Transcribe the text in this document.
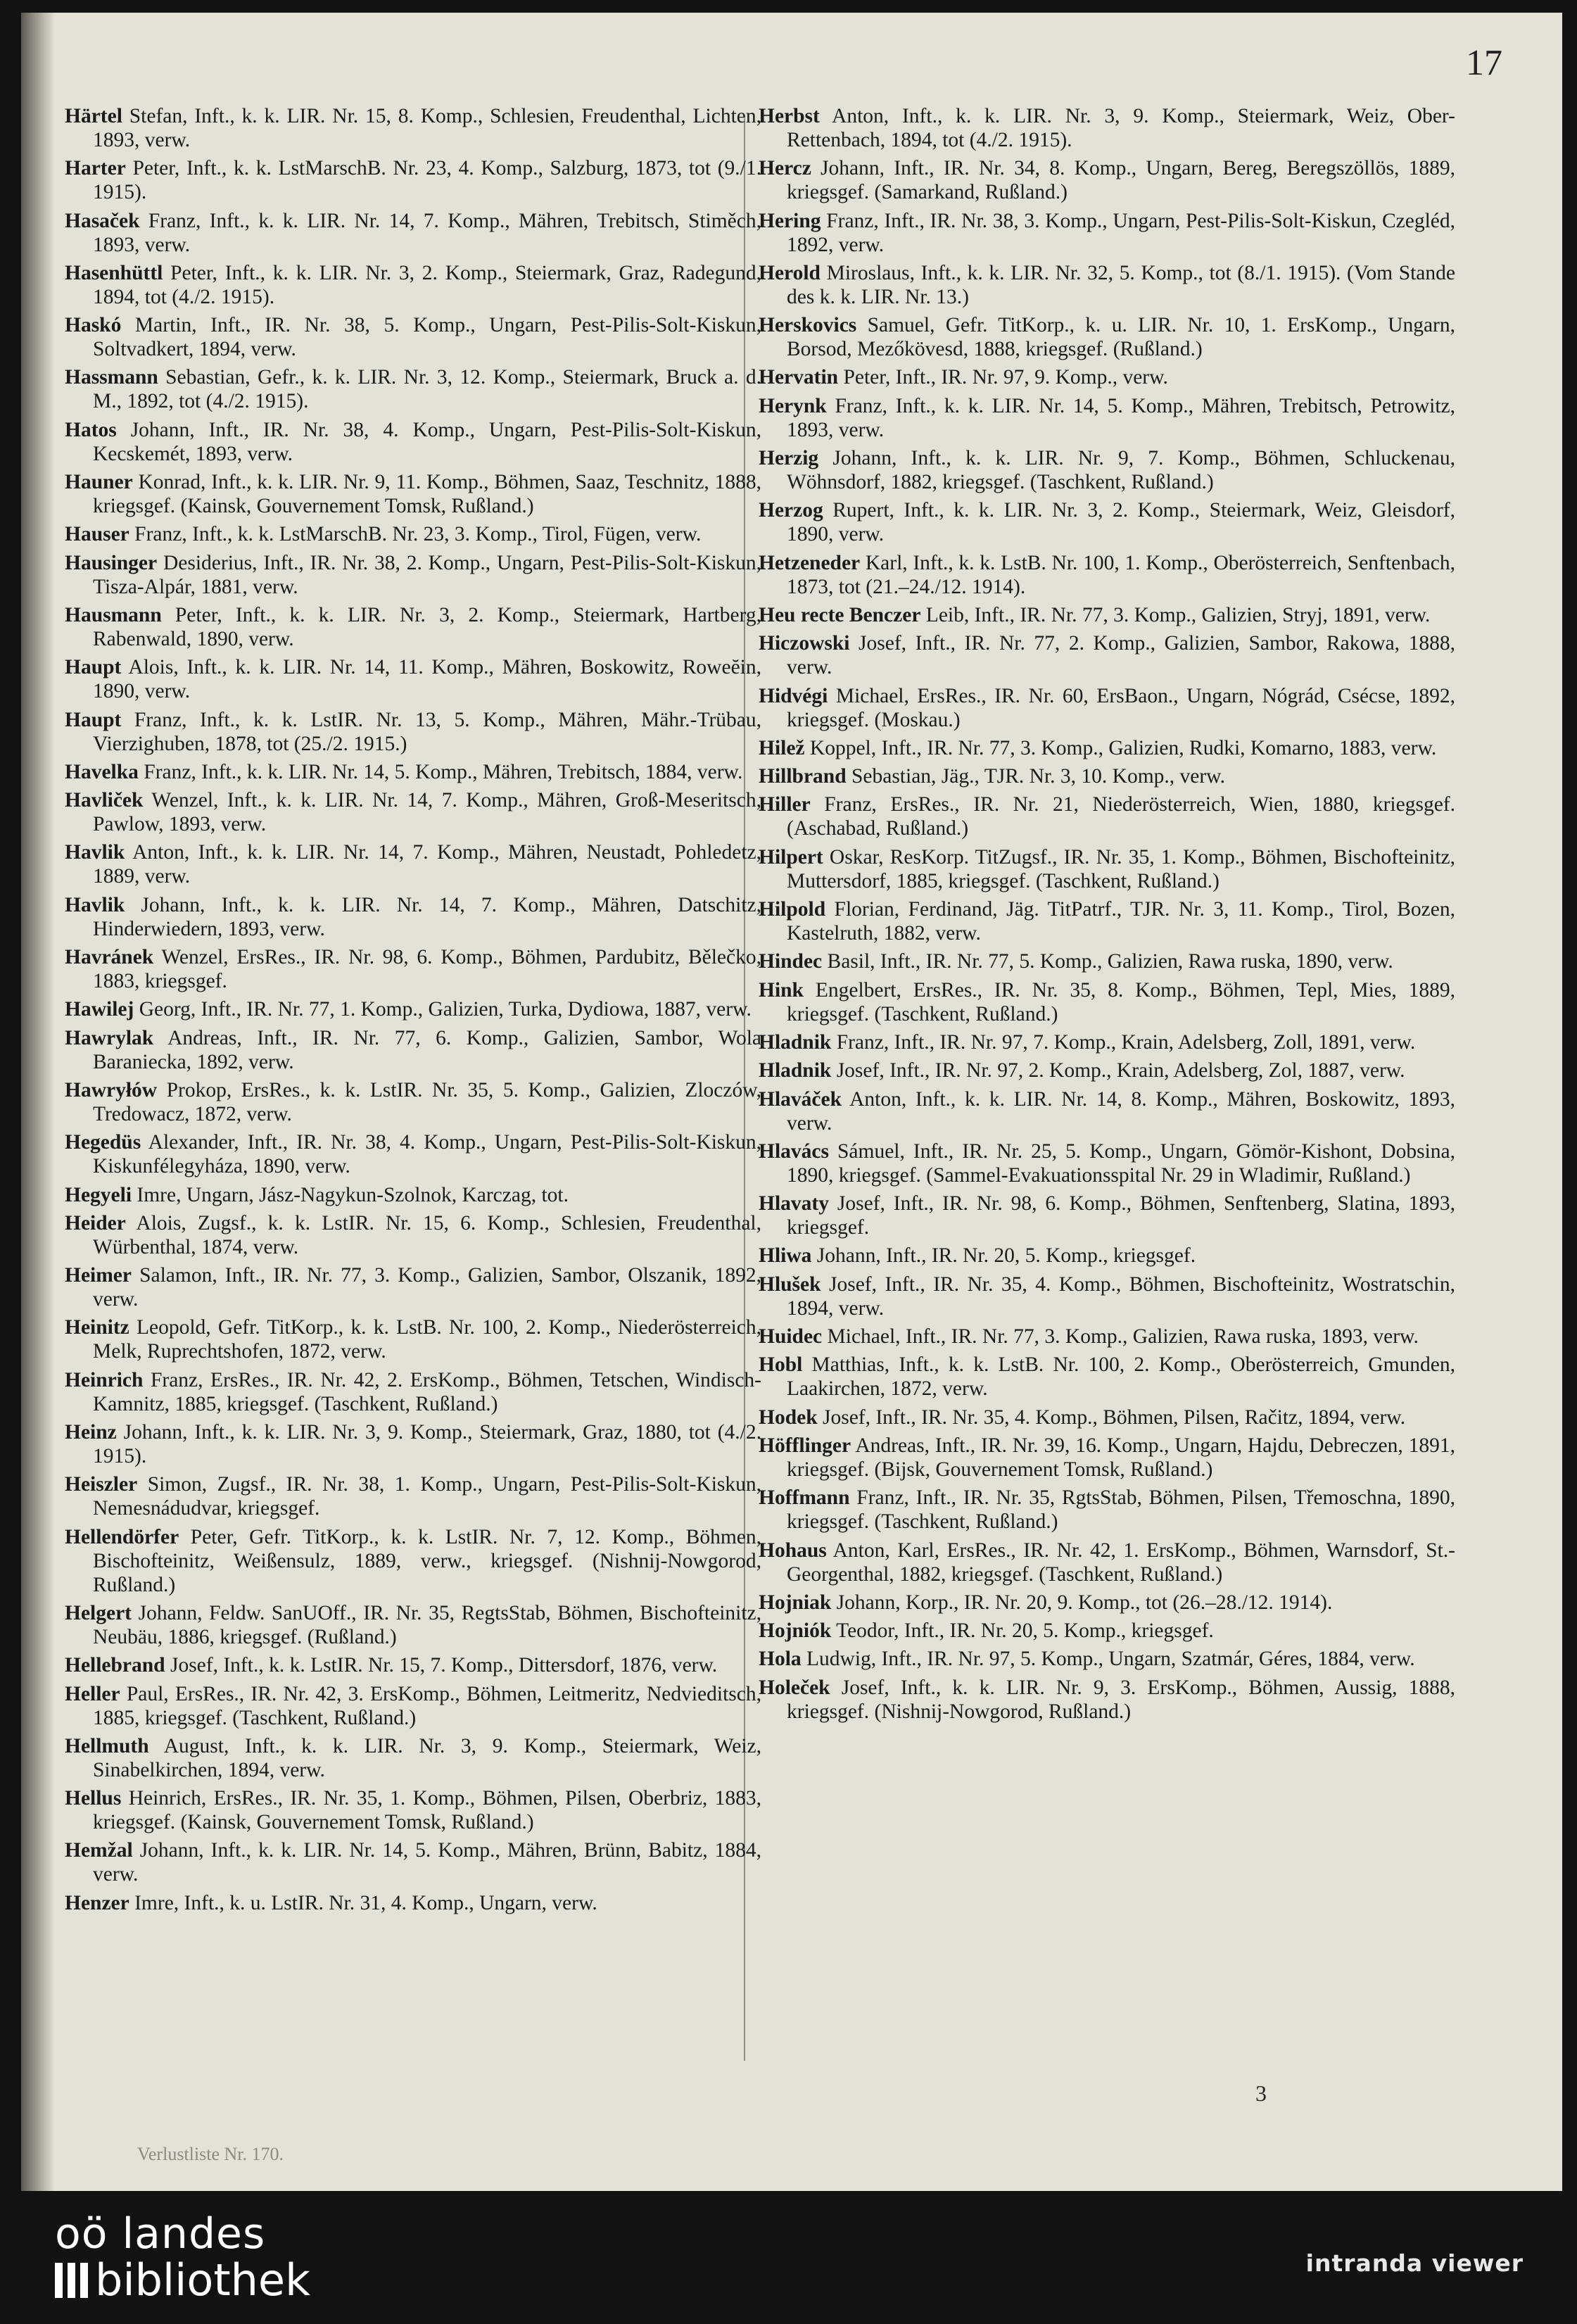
17

Härtel Stefan, Inft., k. k. LIR. Nr. 15, 8. Komp., Schlesien, Freudenthal, Lichten, 1893, verw.

Harter Peter, Inft., k. k. LstMarschB. Nr. 23, 4. Komp., Salzburg, 1873, tot (9./1. 1915).

Hasaček Franz, Inft., k. k. LIR. Nr. 14, 7. Komp., Mähren, Trebitsch, Stiměch, 1893, verw.

Hasenhüttl Peter, Inft., k. k. LIR. Nr. 3, 2. Komp., Steiermark, Graz, Radegund, 1894, tot (4./2. 1915).

Haskó Martin, Inft., IR. Nr. 38, 5. Komp., Ungarn, Pest-Pilis-Solt-Kiskun, Soltvadkert, 1894, verw.

Hassmann Sebastian, Gefr., k. k. LIR. Nr. 3, 12. Komp., Steiermark, Bruck a. d. M., 1892, tot (4./2. 1915).

Hatos Johann, Inft., IR. Nr. 38, 4. Komp., Ungarn, Pest-Pilis-Solt-Kiskun, Kecskemét, 1893, verw.

Hauner Konrad, Inft., k. k. LIR. Nr. 9, 11. Komp., Böhmen, Saaz, Teschnitz, 1888, kriegsgef. (Kainsk, Gouvernement Tomsk, Rußland.)

Hauser Franz, Inft., k. k. LstMarschB. Nr. 23, 3. Komp., Tirol, Fügen, verw.

Hausinger Desiderius, Inft., IR. Nr. 38, 2. Komp., Ungarn, Pest-Pilis-Solt-Kiskun, Tisza-Alpár, 1881, verw.

Hausmann Peter, Inft., k. k. LIR. Nr. 3, 2. Komp., Steiermark, Hartberg, Rabenwald, 1890, verw.

Haupt Alois, Inft., k. k. LIR. Nr. 14, 11. Komp., Mähren, Boskowitz, Roweĕin, 1890, verw.

Haupt Franz, Inft., k. k. LstIR. Nr. 13, 5. Komp., Mähren, Mähr.-Trübau, Vierzighuben, 1878, tot (25./2. 1915.)

Havelka Franz, Inft., k. k. LIR. Nr. 14, 5. Komp., Mähren, Trebitsch, 1884, verw.

Havliček Wenzel, Inft., k. k. LIR. Nr. 14, 7. Komp., Mähren, Groß-Meseritsch, Pawlow, 1893, verw.

Havlik Anton, Inft., k. k. LIR. Nr. 14, 7. Komp., Mähren, Neustadt, Pohledetz, 1889, verw.

Havlik Johann, Inft., k. k. LIR. Nr. 14, 7. Komp., Mähren, Datschitz, Hinderwiedern, 1893, verw.

Havránek Wenzel, ErsRes., IR. Nr. 98, 6. Komp., Böhmen, Pardubitz, Bělečko, 1883, kriegsgef.

Hawilej Georg, Inft., IR. Nr. 77, 1. Komp., Galizien, Turka, Dydiowa, 1887, verw.

Hawrylak Andreas, Inft., IR. Nr. 77, 6. Komp., Galizien, Sambor, Wola Baraniecka, 1892, verw.

Hawryłów Prokop, ErsRes., k. k. LstIR. Nr. 35, 5. Komp., Galizien, Zloczów, Tredowacz, 1872, verw.

Hegedüs Alexander, Inft., IR. Nr. 38, 4. Komp., Ungarn, Pest-Pilis-Solt-Kiskun, Kiskunfélegyháza, 1890, verw.

Hegyeli Imre, Ungarn, Jász-Nagykun-Szolnok, Karczag, tot.

Heider Alois, Zugsf., k. k. LstIR. Nr. 15, 6. Komp., Schlesien, Freudenthal, Würbenthal, 1874, verw.

Heimer Salamon, Inft., IR. Nr. 77, 3. Komp., Galizien, Sambor, Olszanik, 1892, verw.

Heinitz Leopold, Gefr. TitKorp., k. k. LstB. Nr. 100, 2. Komp., Niederösterreich, Melk, Ruprechtshofen, 1872, verw.

Heinrich Franz, ErsRes., IR. Nr. 42, 2. ErsKomp., Böhmen, Tetschen, Windisch-Kamnitz, 1885, kriegsgef. (Taschkent, Rußland.)

Heinz Johann, Inft., k. k. LIR. Nr. 3, 9. Komp., Steiermark, Graz, 1880, tot (4./2. 1915).

Heiszler Simon, Zugsf., IR. Nr. 38, 1. Komp., Ungarn, Pest-Pilis-Solt-Kiskun, Nemesnádudvar, kriegsgef.

Hellendörfer Peter, Gefr. TitKorp., k. k. LstIR. Nr. 7, 12. Komp., Böhmen, Bischofteinitz, Weißensulz, 1889, verw., kriegsgef. (Nishnij-Nowgorod, Rußland.)

Helgert Johann, Feldw. SanUOff., IR. Nr. 35, RegtsStab, Böhmen, Bischofteinitz, Neubäu, 1886, kriegsgef. (Rußland.)

Hellebrand Josef, Inft., k. k. LstIR. Nr. 15, 7. Komp., Dittersdorf, 1876, verw.

Heller Paul, ErsRes., IR. Nr. 42, 3. ErsKomp., Böhmen, Leitmeritz, Nedvieditsch, 1885, kriegsgef. (Taschkent, Rußland.)

Hellmuth August, Inft., k. k. LIR. Nr. 3, 9. Komp., Steiermark, Weiz, Sinabelkirchen, 1894, verw.

Hellus Heinrich, ErsRes., IR. Nr. 35, 1. Komp., Böhmen, Pilsen, Oberbriz, 1883, kriegsgef. (Kainsk, Gouvernement Tomsk, Rußland.)

Hemžal Johann, Inft., k. k. LIR. Nr. 14, 5. Komp., Mähren, Brünn, Babitz, 1884, verw.

Henzer Imre, Inft., k. u. LstIR. Nr. 31, 4. Komp., Ungarn, verw.

Herbst Anton, Inft., k. k. LIR. Nr. 3, 9. Komp., Steiermark, Weiz, Ober-Rettenbach, 1894, tot (4./2. 1915).

Hercz Johann, Inft., IR. Nr. 34, 8. Komp., Ungarn, Bereg, Beregszöllös, 1889, kriegsgef. (Samarkand, Rußland.)

Hering Franz, Inft., IR. Nr. 38, 3. Komp., Ungarn, Pest-Pilis-Solt-Kiskun, Czegléd, 1892, verw.

Herold Miroslaus, Inft., k. k. LIR. Nr. 32, 5. Komp., tot (8./1. 1915). (Vom Stande des k. k. LIR. Nr. 13.)

Herskovics Samuel, Gefr. TitKorp., k. u. LIR. Nr. 10, 1. ErsKomp., Ungarn, Borsod, Mezőkövesd, 1888, kriegsgef. (Rußland.)

Hervatin Peter, Inft., IR. Nr. 97, 9. Komp., verw.

Herynk Franz, Inft., k. k. LIR. Nr. 14, 5. Komp., Mähren, Trebitsch, Petrowitz, 1893, verw.

Herzig Johann, Inft., k. k. LIR. Nr. 9, 7. Komp., Böhmen, Schluckenau, Wöhnsdorf, 1882, kriegsgef. (Taschkent, Rußland.)

Herzog Rupert, Inft., k. k. LIR. Nr. 3, 2. Komp., Steiermark, Weiz, Gleisdorf, 1890, verw.

Hetzeneder Karl, Inft., k. k. LstB. Nr. 100, 1. Komp., Oberösterreich, Senftenbach, 1873, tot (21.–24./12. 1914).

Heu recte Benczer Leib, Inft., IR. Nr. 77, 3. Komp., Galizien, Stryj, 1891, verw.

Hiczowski Josef, Inft., IR. Nr. 77, 2. Komp., Galizien, Sambor, Rakowa, 1888, verw.

Hidvégi Michael, ErsRes., IR. Nr. 60, ErsBaon., Ungarn, Nógrád, Csécse, 1892, kriegsgef. (Moskau.)

Hilež Koppel, Inft., IR. Nr. 77, 3. Komp., Galizien, Rudki, Komarno, 1883, verw.

Hillbrand Sebastian, Jäg., TJR. Nr. 3, 10. Komp., verw.

Hiller Franz, ErsRes., IR. Nr. 21, Niederösterreich, Wien, 1880, kriegsgef. (Aschabad, Rußland.)

Hilpert Oskar, ResKorp. TitZugsf., IR. Nr. 35, 1. Komp., Böhmen, Bischofteinitz, Muttersdorf, 1885, kriegsgef. (Taschkent, Rußland.)

Hilpold Florian, Ferdinand, Jäg. TitPatrf., TJR. Nr. 3, 11. Komp., Tirol, Bozen, Kastelruth, 1882, verw.

Hindec Basil, Inft., IR. Nr. 77, 5. Komp., Galizien, Rawa ruska, 1890, verw.

Hink Engelbert, ErsRes., IR. Nr. 35, 8. Komp., Böhmen, Tepl, Mies, 1889, kriegsgef. (Taschkent, Rußland.)

Hladnik Franz, Inft., IR. Nr. 97, 7. Komp., Krain, Adelsberg, Zoll, 1891, verw.

Hladnik Josef, Inft., IR. Nr. 97, 2. Komp., Krain, Adelsberg, Zol, 1887, verw.

Hlaváček Anton, Inft., k. k. LIR. Nr. 14, 8. Komp., Mähren, Boskowitz, 1893, verw.

Hlavács Sámuel, Inft., IR. Nr. 25, 5. Komp., Ungarn, Gömör-Kishont, Dobsina, 1890, kriegsgef. (Sammel-Evakuationsspital Nr. 29 in Wladimir, Rußland.)

Hlavaty Josef, Inft., IR. Nr. 98, 6. Komp., Böhmen, Senftenberg, Slatina, 1893, kriegsgef.

Hliwa Johann, Inft., IR. Nr. 20, 5. Komp., kriegsgef.

Hlušek Josef, Inft., IR. Nr. 35, 4. Komp., Böhmen, Bischofteinitz, Wostratschin, 1894, verw.

Huidec Michael, Inft., IR. Nr. 77, 3. Komp., Galizien, Rawa ruska, 1893, verw.

Hobl Matthias, Inft., k. k. LstB. Nr. 100, 2. Komp., Oberösterreich, Gmunden, Laakirchen, 1872, verw.

Hodek Josef, Inft., IR. Nr. 35, 4. Komp., Böhmen, Pilsen, Račitz, 1894, verw.

Höfflinger Andreas, Inft., IR. Nr. 39, 16. Komp., Ungarn, Hajdu, Debreczen, 1891, kriegsgef. (Bijsk, Gouvernement Tomsk, Rußland.)

Hoffmann Franz, Inft., IR. Nr. 35, RgtsStab, Böhmen, Pilsen, Třemoschna, 1890, kriegsgef. (Taschkent, Rußland.)

Hohaus Anton, Karl, ErsRes., IR. Nr. 42, 1. ErsKomp., Böhmen, Warnsdorf, St.-Georgenthal, 1882, kriegsgef. (Taschkent, Rußland.)

Hojniak Johann, Korp., IR. Nr. 20, 9. Komp., tot (26.–28./12. 1914).

Hojniók Teodor, Inft., IR. Nr. 20, 5. Komp., kriegsgef.

Hola Ludwig, Inft., IR. Nr. 97, 5. Komp., Ungarn, Szatmár, Géres, 1884, verw.

Holeček Josef, Inft., k. k. LIR. Nr. 9, 3. ErsKomp., Böhmen, Aussig, 1888, kriegsgef. (Nishnij-Nowgorod, Rußland.)

3
Verlustliste Nr. 170.
oö landes
bibliothek	intranda viewer
